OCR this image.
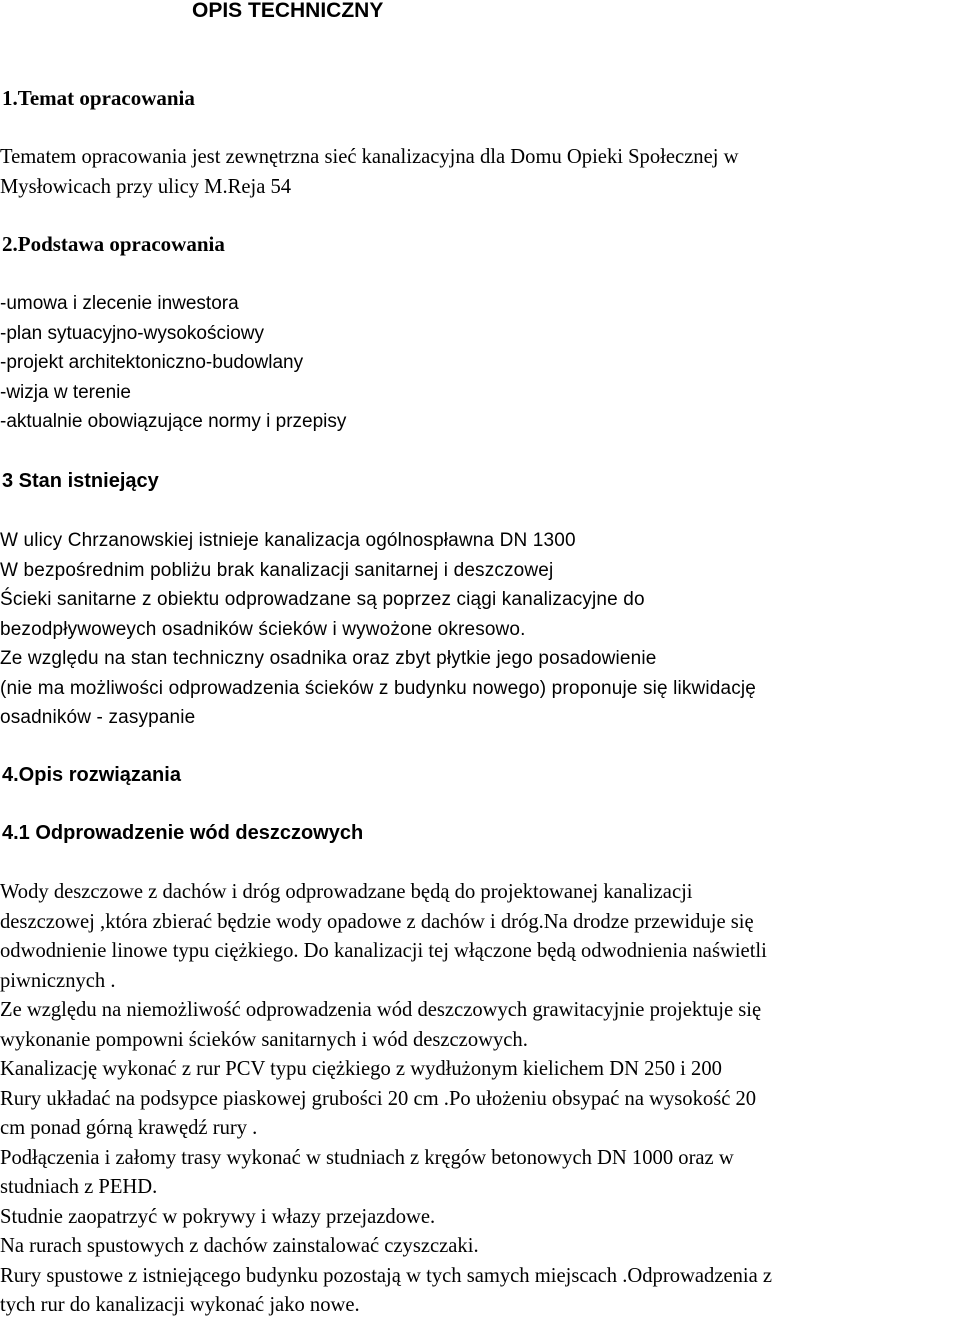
OPIS TECHNICZNY
1.Temat opracowania
Tematem opracowania jest zewnętrzna sieć kanalizacyjna dla Domu Opieki Społecznej w
Mysłowicach przy ulicy M.Reja 54
2.Podstawa opracowania
-umowa i zlecenie inwestora
-plan sytuacyjno-wysokościowy
-projekt architektoniczno-budowlany
-wizja w terenie
-aktualnie obowiązujące normy i przepisy
3 Stan istniejący
W ulicy Chrzanowskiej istnieje kanalizacja ogólnospławna DN 1300
W bezpośrednim pobliżu brak kanalizacji sanitarnej i deszczowej
Ścieki sanitarne z obiektu odprowadzane są poprzez ciągi kanalizacyjne do
bezodpływoweych osadników ścieków i wywożone okresowo.
Ze względu na stan techniczny osadnika oraz zbyt płytkie jego posadowienie
(nie ma możliwości odprowadzenia ścieków z budynku nowego) proponuje się likwidację
osadników - zasypanie
4.Opis rozwiązania
4.1 Odprowadzenie wód deszczowych
Wody deszczowe z dachów i dróg odprowadzane będą do projektowanej kanalizacji
deszczowej ,która zbierać będzie wody opadowe z dachów i dróg.Na drodze przewiduje się
odwodnienie linowe typu ciężkiego. Do kanalizacji tej włączone będą odwodnienia naświetli
piwnicznych .
Ze względu na niemożliwość odprowadzenia wód deszczowych grawitacyjnie projektuje się
wykonanie pompowni ścieków sanitarnych i wód deszczowych.
Kanalizację wykonać z rur PCV typu ciężkiego z wydłużonym kielichem DN 250 i 200
Rury układać na podsypce piaskowej grubości 20 cm .Po ułożeniu obsypać na wysokość 20
cm ponad górną krawędź rury .
Podłączenia i załomy trasy wykonać w studniach z kręgów betonowych DN 1000 oraz w
studniach z PEHD.
Studnie zaopatrzyć w pokrywy i włazy przejazdowe.
Na rurach spustowych z dachów zainstalować czyszczaki.
Rury spustowe z istniejącego budynku pozostają w tych samych miejscach .Odprowadzenia z
tych rur do kanalizacji wykonać jako nowe.
